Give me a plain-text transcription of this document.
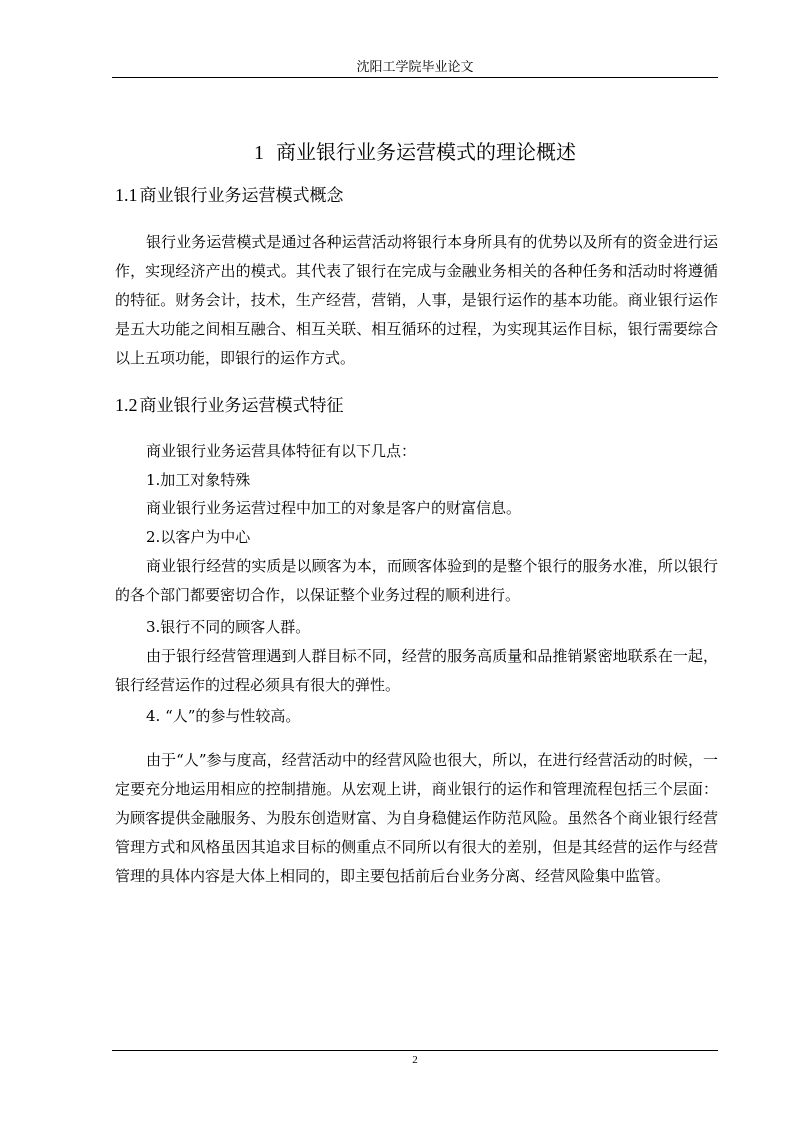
沈阳工学院毕业论文
1 商业银行业务运营模式的理论概述
1.1 商业银行业务运营模式概念

银行业务运营模式是通过各种运营活动将银行本身所具有的优势以及所有的资金进行运作，实现经济产出的模式。其代表了银行在完成与金融业务相关的各种任务和活动时将遵循的特征。财务会计，技术，生产经营，营销，人事，是银行运作的基本功能。商业银行运作是五大功能之间相互融合、相互关联、相互循环的过程，为实现其运作目标，银行需要综合以上五项功能，即银行的运作方式。

1.2 商业银行业务运营模式特征

商业银行业务运营具体特征有以下几点：

1.加工对象特殊

商业银行业务运营过程中加工的对象是客户的财富信息。

2.以客户为中心

商业银行经营的实质是以顾客为本，而顾客体验到的是整个银行的服务水准，所以银行的各个部门都要密切合作，以保证整个业务过程的顺利进行。

3.银行不同的顾客人群。

由于银行经营管理遇到人群目标不同，经营的服务高质量和品推销紧密地联系在一起，银行经营运作的过程必须具有很大的弹性。

4. “人”的参与性较高。

由于“人”参与度高，经营活动中的经营风险也很大，所以，在进行经营活动的时候，一定要充分地运用相应的控制措施。从宏观上讲，商业银行的运作和管理流程包括三个层面：为顾客提供金融服务、为股东创造财富、为自身稳健运作防范风险。虽然各个商业银行经营管理方式和风格虽因其追求目标的侧重点不同所以有很大的差别，但是其经营的运作与经营管理的具体内容是大体上相同的，即主要包括前后台业务分离、经营风险集中监管。

2
